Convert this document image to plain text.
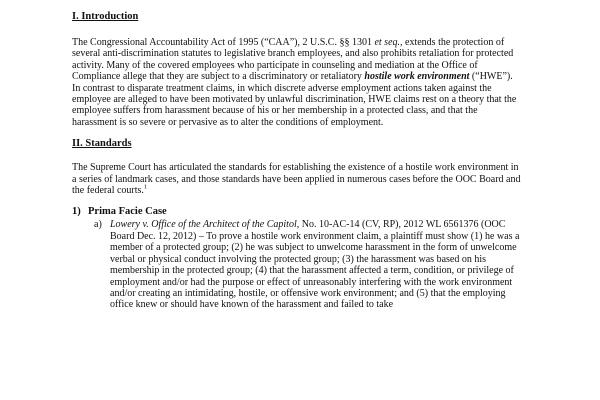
I. Introduction

The Congressional Accountability Act of 1995 (“CAA”), 2 U.S.C. §§ 1301 et seq., extends the protection of several anti-discrimination statutes to legislative branch employees, and also prohibits retaliation for protected activity. Many of the covered employees who participate in counseling and mediation at the Office of Compliance allege that they are subject to a discriminatory or retaliatory hostile work environment (“HWE”). In contrast to disparate treatment claims, in which discrete adverse employment actions taken against the employee are alleged to have been motivated by unlawful discrimination, HWE claims rest on a theory that the employee suffers from harassment because of his or her membership in a protected class, and that the harassment is so severe or pervasive as to alter the conditions of employment.

II. Standards

The Supreme Court has articulated the standards for establishing the existence of a hostile work environment in a series of landmark cases, and those standards have been applied in numerous cases before the OOC Board and the federal courts.$^1$

1) Prima Facie Case

a) Lowery v. Office of the Architect of the Capitol, No. 10-AC-14 (CV, RP), 2012 WL 6561376 (OOC Board Dec. 12, 2012) – To prove a hostile work environment claim, a plaintiff must show (1) he was a member of a protected group; (2) he was subject to unwelcome harassment in the form of unwelcome verbal or physical conduct involving the protected group; (3) the harassment was based on his membership in the protected group; (4) that the harassment affected a term, condition, or privilege of employment and/or had the purpose or effect of unreasonably interfering with the work environment and/or creating an intimidating, hostile, or offensive work environment; and (5) that the employing office knew or should have known of the harassment and failed to take
